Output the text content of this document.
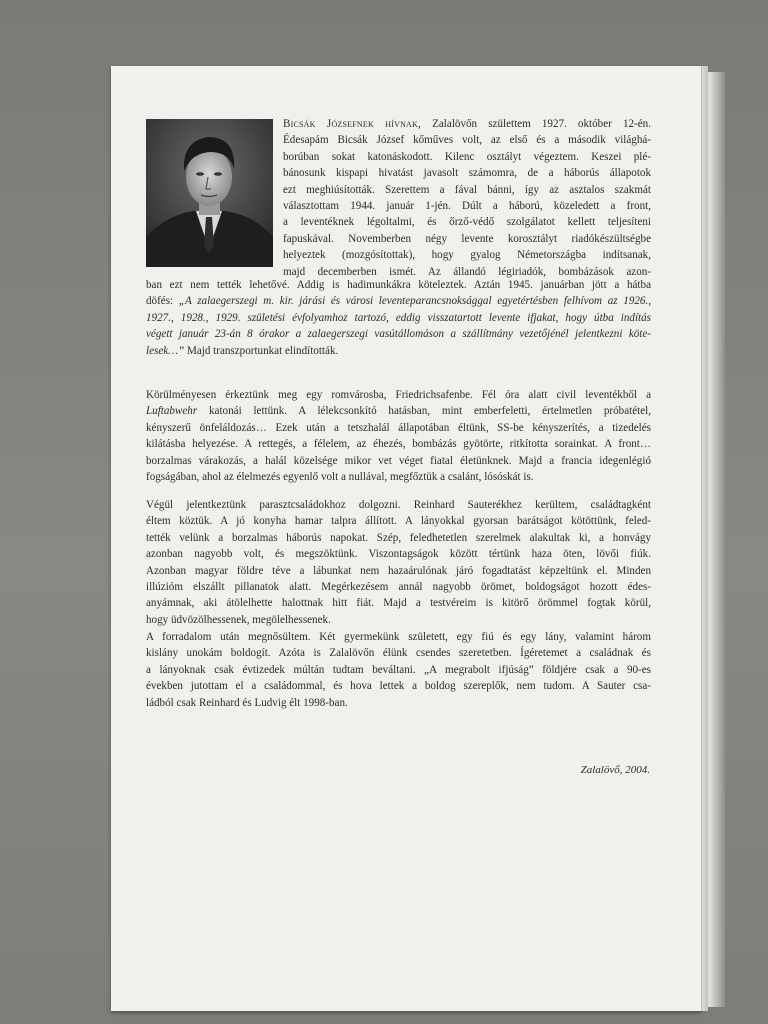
Bicsák Józsefnek hívnak, Zalalövőn születtem 1927. október 12-én.
Édesapám Bicsák József kőműves volt, az első és a második világhá-
borúban sokat katonáskodott. Kilenc osztályt végeztem. Keszei plé-
bánosunk kispapi hivatást javasolt számomra, de a háborús állapotok
ezt meghiúsították. Szerettem a fával bánni, így az asztalos szakmát
választottam 1944. január 1-jén. Dúlt a háború, közeledett a front,
a leventéknek légoltalmi, és őrző-védő szolgálatot kellett teljesíteni
fapuskával. Novemberben négy levente korosztályt riadókészültségbe
helyeztek (mozgósítottak), hogy gyalog Németországba indítsanak,
majd decemberben ismét. Az állandó légiriadók, bombázások azon-
ban ezt nem tették lehetővé. Addig is hadimunkákra köteleztek. Aztán 1945. januárban jött a hátba
döfés: „A zalaegerszegi m. kir. járási és városi leventeparancsnoksággal egyetértésben felhívom az 1926.,
1927., 1928., 1929. születési évfolyamhoz tartozó, eddig visszatartott levente ifjakat, hogy útba indítás
végett január 23-án 8 órakor a zalaegerszegi vasútállomáson a szállítmány vezetőjénél jelentkezni köte-
lesek…” Majd transzportunkat elindították.
Körülményesen érkeztünk meg egy romvárosba, Friedrichsafenbe. Fél óra alatt civil leventékből a
Luftabwehr katonái lettünk. A lélekcsonkító hatásban, mint emberfeletti, értelmetlen próbatétel,
kényszerű önfeláldozás… Ezek után a tetszhalál állapotában éltünk, SS-be kényszerítés, a tizedelés
kilátásba helyezése. A rettegés, a félelem, az éhezés, bombázás gyötörte, ritkította sorainkat. A front…
borzalmas várakozás, a halál közelsége mikor vet véget fiatal életünknek. Majd a francia idegenlégió
fogságában, ahol az élelmezés egyenlő volt a nullával, megfőztük a csalánt, lósóskát is.
Végül jelentkeztünk parasztcsaládokhoz dolgozni. Reinhard Sauterékhez kerültem, családtagként
éltem köztük. A jó konyha hamar talpra állított. A lányokkal gyorsan barátságot kötöttünk, feled-
tették velünk a borzalmas háborús napokat. Szép, feledhetetlen szerelmek alakultak ki, a honvágy
azonban nagyobb volt, és megszöktünk. Viszontagságok között tértünk haza öten, lövői fiúk.
Azonban magyar földre téve a lábunkat nem hazaárulónak járó fogadtatást képzeltünk el. Minden
illúzióm elszállt pillanatok alatt. Megérkezésem annál nagyobb örömet, boldogságot hozott édes-
anyámnak, aki átölelhette halottnak hitt fiát. Majd a testvéreim is kitörő örömmel fogtak körül,
hogy üdvözölhessenek, megölelhessenek.
A forradalom után megnősültem. Két gyermekünk született, egy fiú és egy lány, valamint három
kislány unokám boldogít. Azóta is Zalalövőn élünk csendes szeretetben. Ígéretemet a családnak és
a lányoknak csak évtizedek múltán tudtam beváltani. „A megrabolt ifjúság” földjére csak a 90-es
években jutottam el a családommal, és hova lettek a boldog szereplők, nem tudom. A Sauter csa-
ládból csak Reinhard és Ludvig élt 1998-ban.
Zalalövő, 2004.
